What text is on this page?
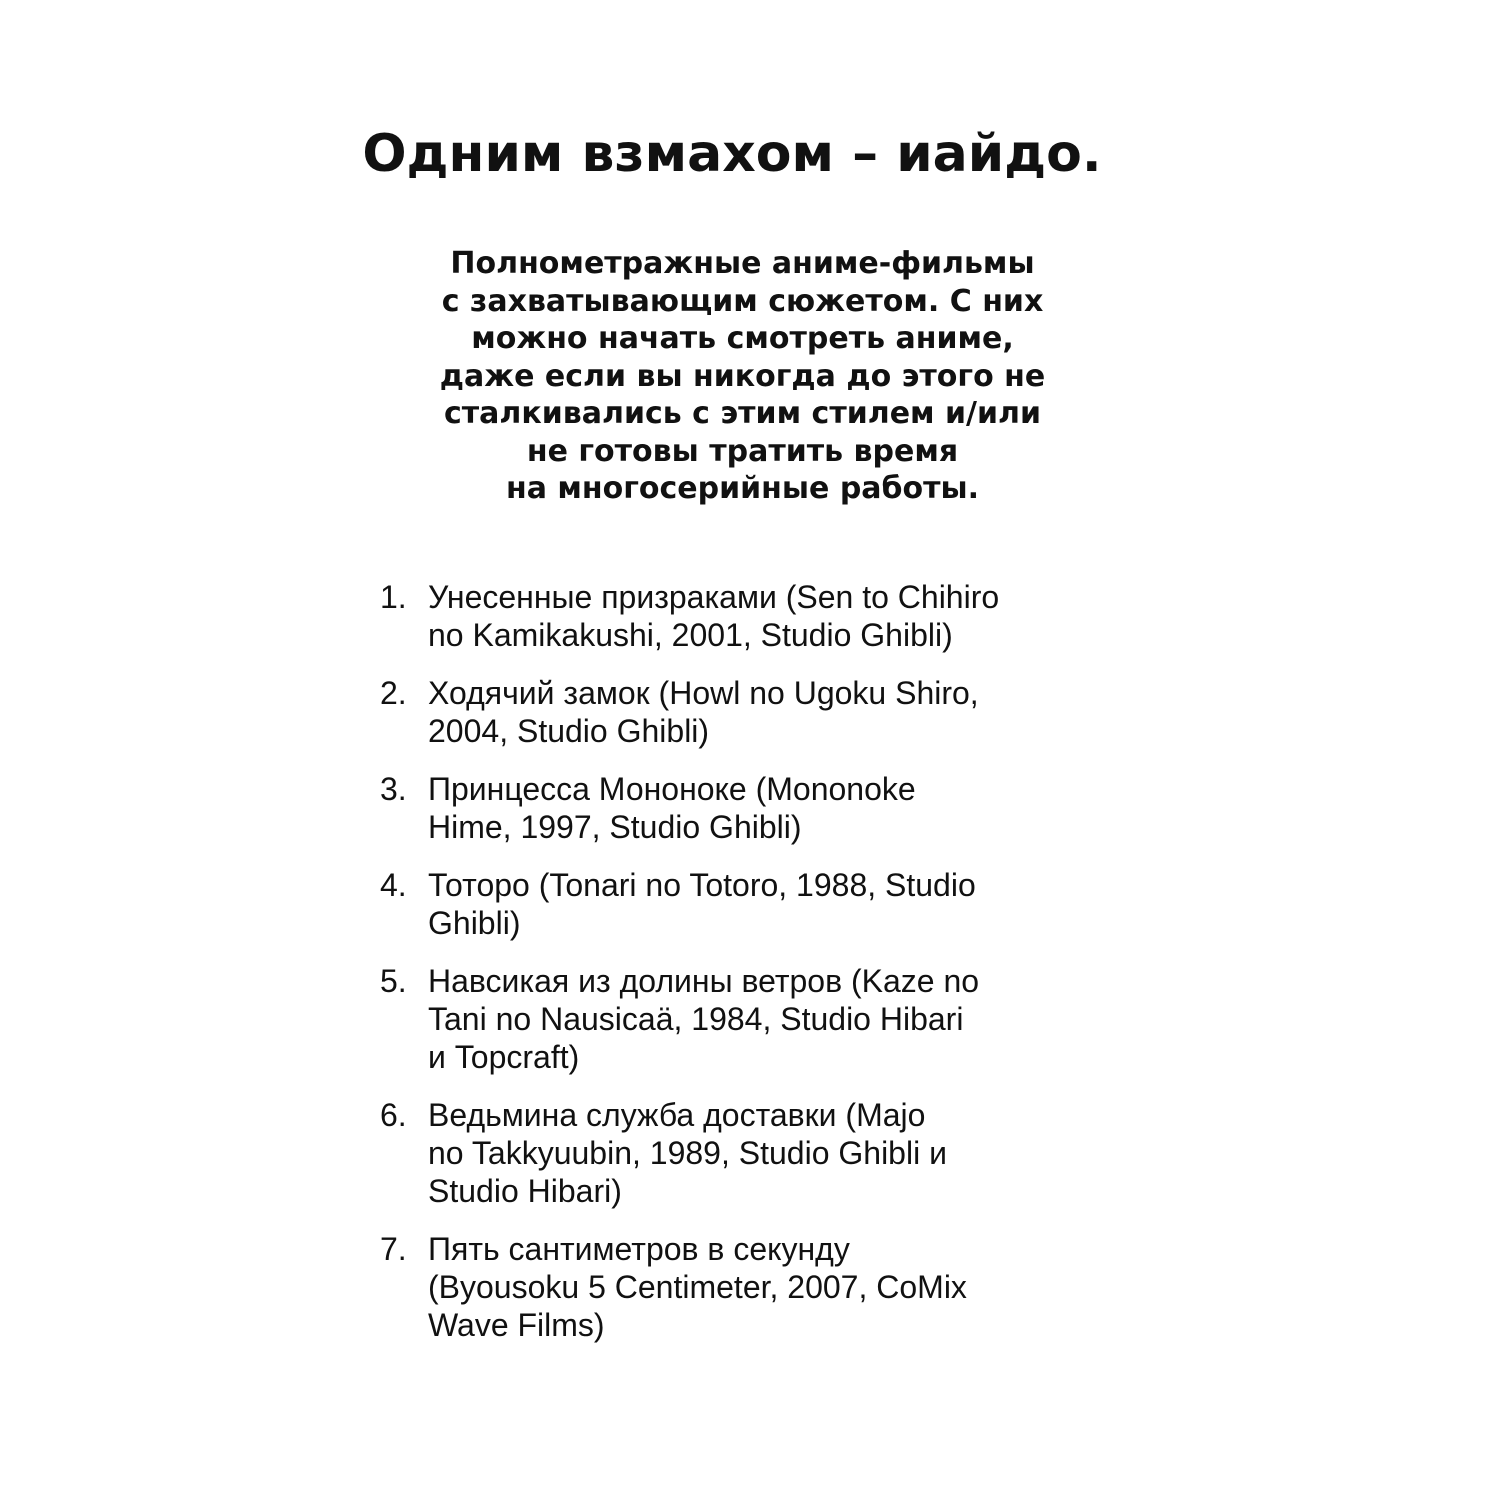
Одним взмахом – иайдо.

Полнометражные аниме-фильмы
с захватывающим сюжетом. С них
можно начать смотреть аниме,
даже если вы никогда до этого не
сталкивались с этим стилем и/или
не готовы тратить время
на многосерийные работы.

1. Унесенные призраками (Sen to Chihiro
no Kamikakushi, 2001, Studio Ghibli)
2. Ходячий замок (Howl no Ugoku Shiro,
2004, Studio Ghibli)
3. Принцесса Мононоке (Mononoke
Hime, 1997, Studio Ghibli)
4. Тоторо (Tonari no Totoro, 1988, Studio
Ghibli)
5. Навсикая из долины ветров (Kaze no
Tani no Nausicaä, 1984, Studio Hibari
и Topcraft)
6. Ведьмина служба доставки (Majo
no Takkyuubin, 1989, Studio Ghibli и
Studio Hibari)
7. Пять сантиметров в секунду
(Byousoku 5 Centimeter, 2007, CoMix
Wave Films)
